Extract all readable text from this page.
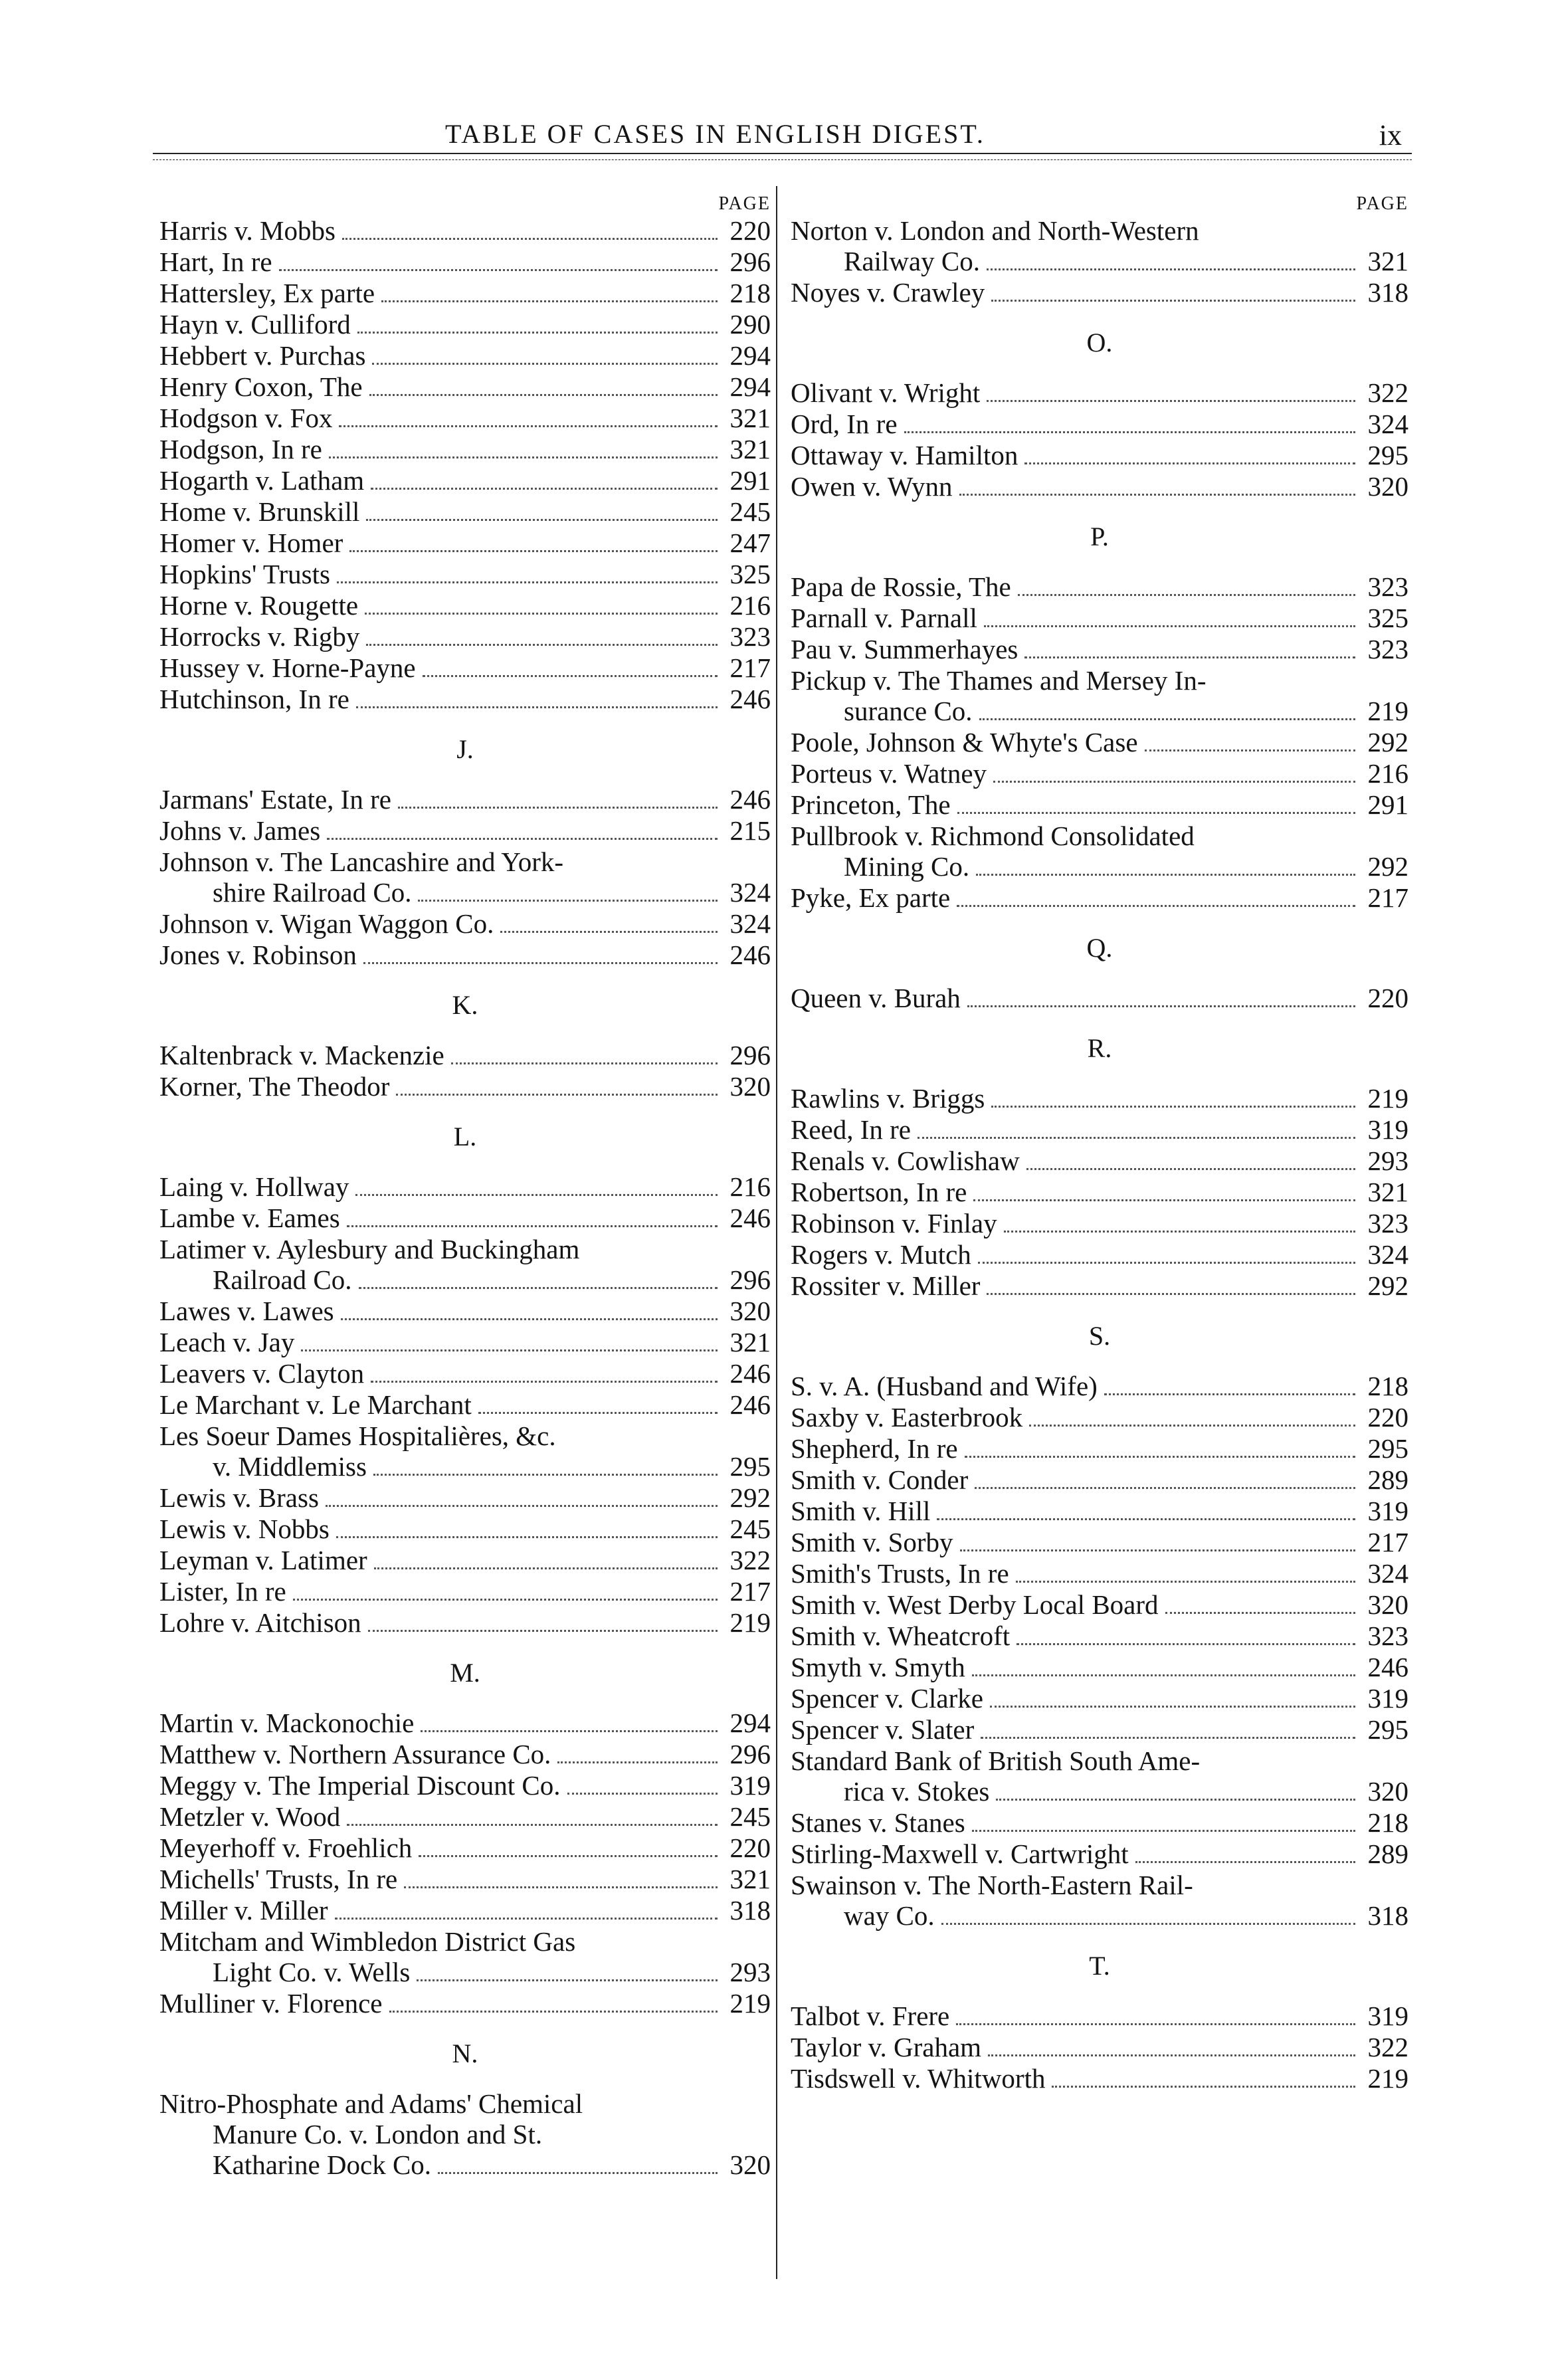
TABLE OF CASES IN ENGLISH DIGEST.	ix
PAGE
Harris v. Mobbs	220
Hart, In re	296
Hattersley, Ex parte	218
Hayn v. Culliford	290
Hebbert v. Purchas	294
Henry Coxon, The	294
Hodgson v. Fox	321
Hodgson, In re	321
Hogarth v. Latham	291
Home v. Brunskill	245
Homer v. Homer	247
Hopkins' Trusts	325
Horne v. Rougette	216
Horrocks v. Rigby	323
Hussey v. Horne-Payne	217
Hutchinson, In re	246
J.
Jarmans' Estate, In re	246
Johns v. James	215
Johnson v. The Lancashire and York-
shire Railroad Co.	324
Johnson v. Wigan Waggon Co.	324
Jones v. Robinson	246
K.
Kaltenbrack v. Mackenzie	296
Korner, The Theodor	320
L.
Laing v. Hollway	216
Lambe v. Eames	246
Latimer v. Aylesbury and Buckingham
Railroad Co.	296
Lawes v. Lawes	320
Leach v. Jay	321
Leavers v. Clayton	246
Le Marchant v. Le Marchant	246
Les Soeur Dames Hospitalières, &c.
v. Middlemiss	295
Lewis v. Brass	292
Lewis v. Nobbs	245
Leyman v. Latimer	322
Lister, In re	217
Lohre v. Aitchison	219
M.
Martin v. Mackonochie	294
Matthew v. Northern Assurance Co.	296
Meggy v. The Imperial Discount Co.	319
Metzler v. Wood	245
Meyerhoff v. Froehlich	220
Michells' Trusts, In re	321
Miller v. Miller	318
Mitcham and Wimbledon District Gas
Light Co. v. Wells	293
Mulliner v. Florence	219
N.
Nitro-Phosphate and Adams' Chemical
Manure Co. v. London and St.
Katharine Dock Co.	320
PAGE
Norton v. London and North-Western
Railway Co.	321
Noyes v. Crawley	318
O.
Olivant v. Wright	322
Ord, In re	324
Ottaway v. Hamilton	295
Owen v. Wynn	320
P.
Papa de Rossie, The	323
Parnall v. Parnall	325
Pau v. Summerhayes	323
Pickup v. The Thames and Mersey In-
surance Co.	219
Poole, Johnson & Whyte's Case	292
Porteus v. Watney	216
Princeton, The	291
Pullbrook v. Richmond Consolidated
Mining Co.	292
Pyke, Ex parte	217
Q.
Queen v. Burah	220
R.
Rawlins v. Briggs	219
Reed, In re	319
Renals v. Cowlishaw	293
Robertson, In re	321
Robinson v. Finlay	323
Rogers v. Mutch	324
Rossiter v. Miller	292
S.
S. v. A. (Husband and Wife)	218
Saxby v. Easterbrook	220
Shepherd, In re	295
Smith v. Conder	289
Smith v. Hill	319
Smith v. Sorby	217
Smith's Trusts, In re	324
Smith v. West Derby Local Board	320
Smith v. Wheatcroft	323
Smyth v. Smyth	246
Spencer v. Clarke	319
Spencer v. Slater	295
Standard Bank of British South Ame-
rica v. Stokes	320
Stanes v. Stanes	218
Stirling-Maxwell v. Cartwright	289
Swainson v. The North-Eastern Rail-
way Co.	318
T.
Talbot v. Frere	319
Taylor v. Graham	322
Tisdswell v. Whitworth	219
